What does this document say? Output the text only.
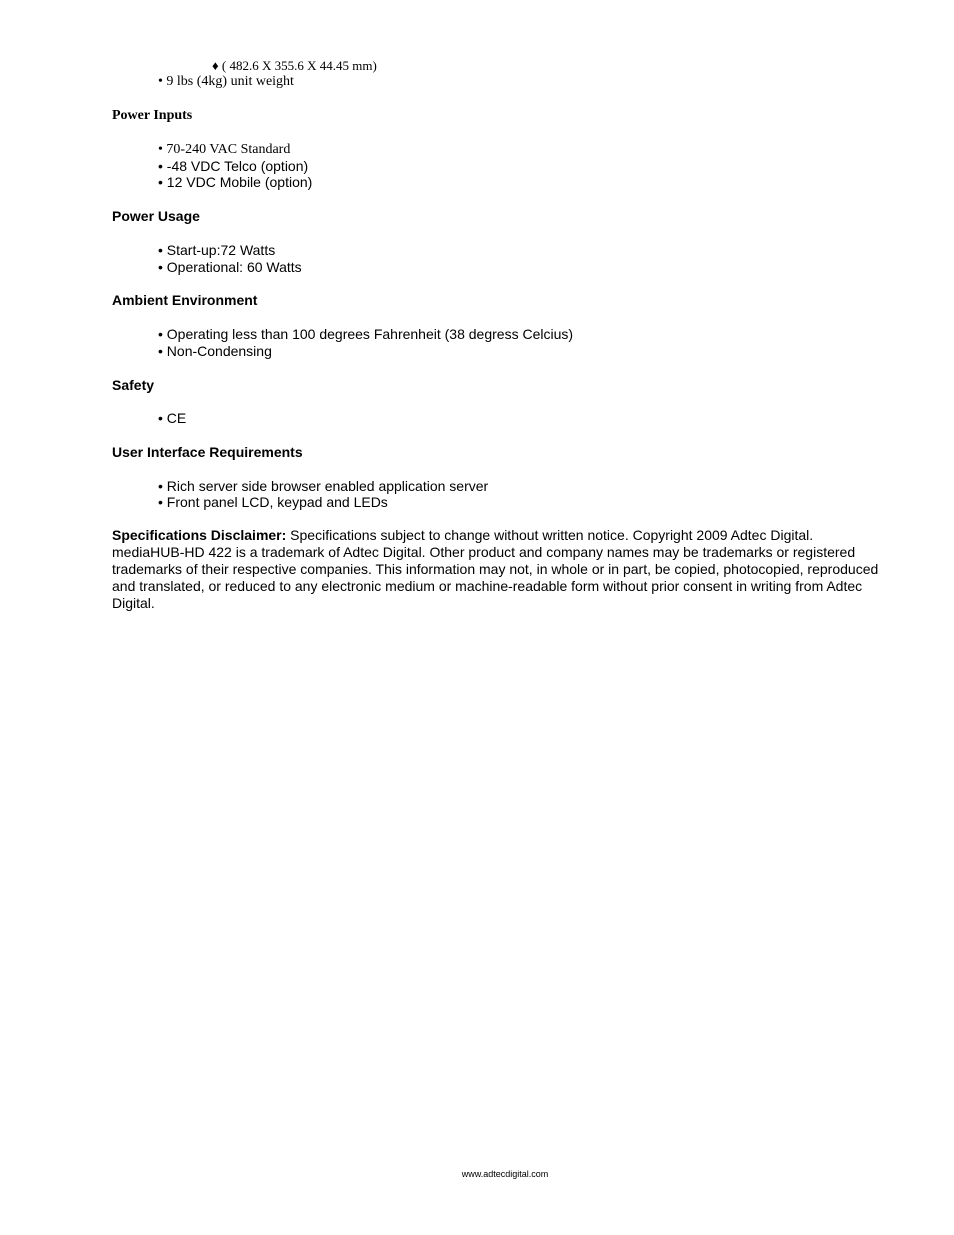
♦ ( 482.6 X 355.6 X 44.45 mm)
• 9 lbs (4kg) unit weight
Power Inputs
• 70-240 VAC Standard
• -48 VDC Telco (option)
• 12 VDC Mobile (option)
Power Usage
• Start-up:72 Watts
• Operational: 60 Watts
Ambient Environment
• Operating less than 100 degrees Fahrenheit (38 degress Celcius)
• Non-Condensing
Safety
• CE
User Interface Requirements
• Rich server side browser enabled application server
• Front panel LCD, keypad and LEDs
Specifications Disclaimer: Specifications subject to change without written notice. Copyright 2009 Adtec Digital. mediaHUB-HD 422 is a trademark of Adtec Digital. Other product and company names may be trademarks or registered trademarks of their respective companies. This information may not, in whole or in part, be copied, photocopied, reproduced and translated, or reduced to any electronic medium or machine-readable form without prior consent in writing from Adtec Digital.
www.adtecdigital.com
